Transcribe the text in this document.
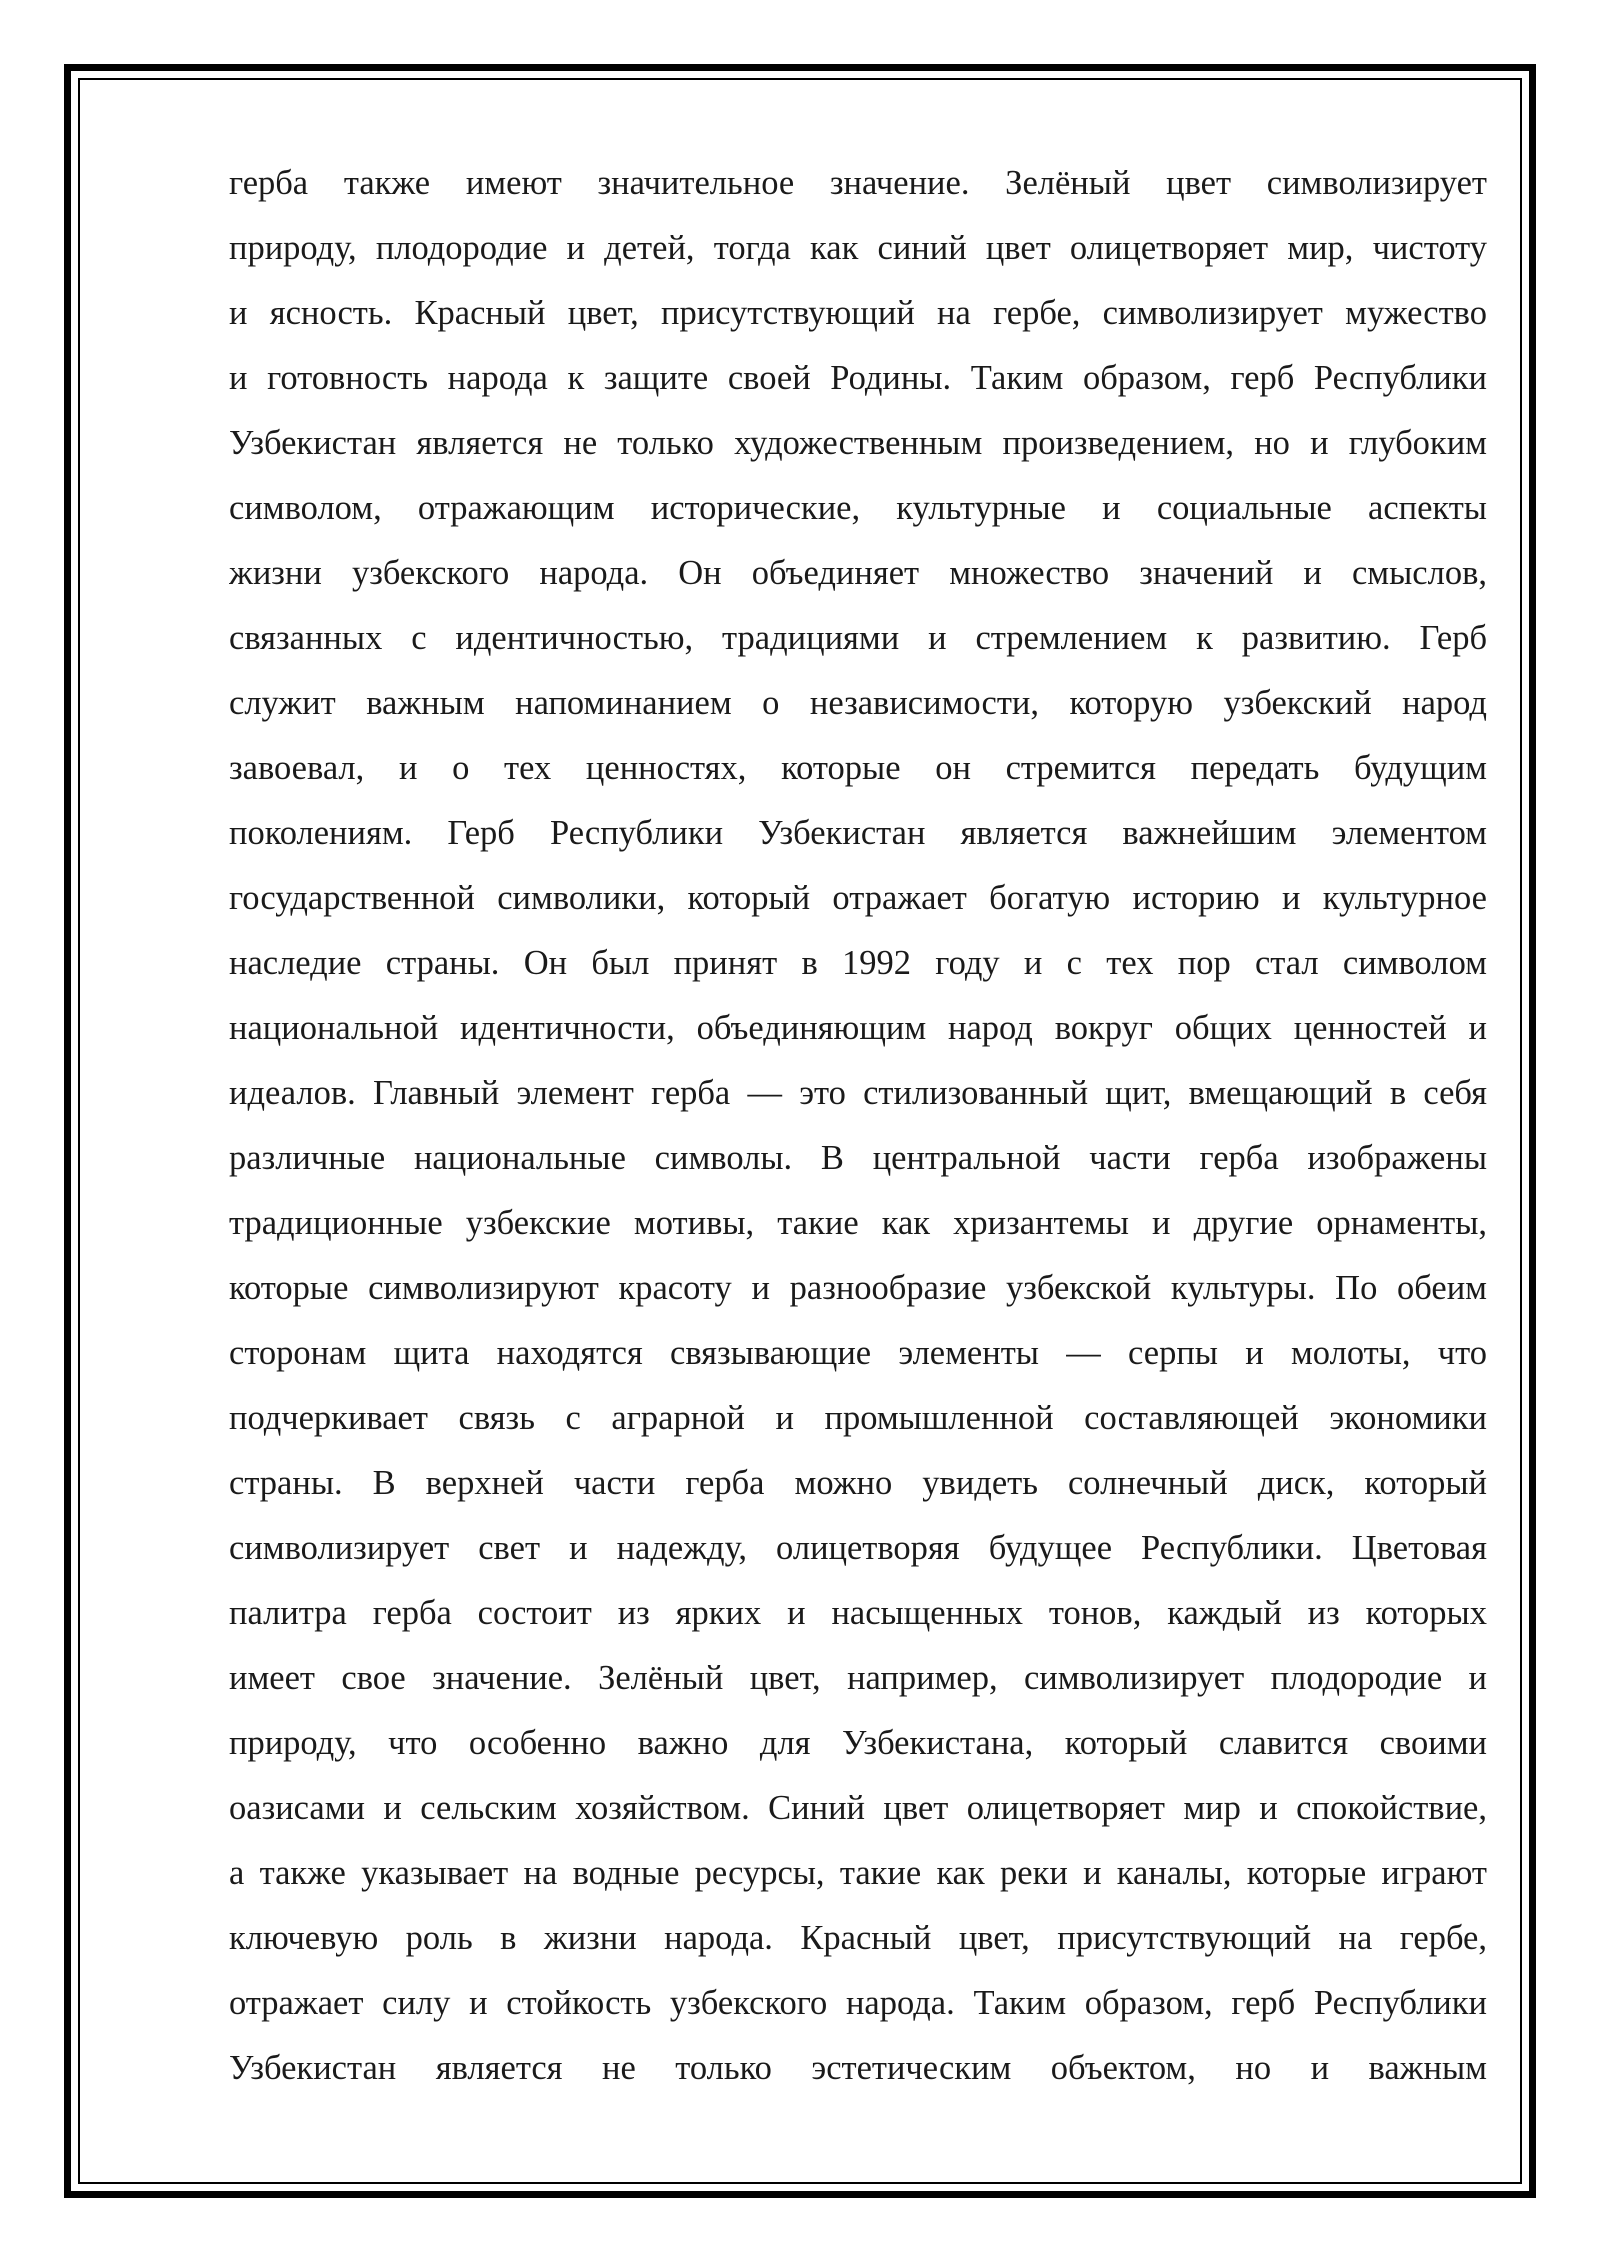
герба также имеют значительное значение. Зелёный цвет символизирует
природу, плодородие и детей, тогда как синий цвет олицетворяет мир, чистоту
и ясность. Красный цвет, присутствующий на гербе, символизирует мужество
и готовность народа к защите своей Родины. Таким образом, герб Республики
Узбекистан является не только художественным произведением, но и глубоким
символом, отражающим исторические, культурные и социальные аспекты
жизни узбекского народа. Он объединяет множество значений и смыслов,
связанных с идентичностью, традициями и стремлением к развитию. Герб
служит важным напоминанием о независимости, которую узбекский народ
завоевал, и о тех ценностях, которые он стремится передать будущим
поколениям. Герб Республики Узбекистан является важнейшим элементом
государственной символики, который отражает богатую историю и культурное
наследие страны. Он был принят в 1992 году и с тех пор стал символом
национальной идентичности, объединяющим народ вокруг общих ценностей и
идеалов. Главный элемент герба — это стилизованный щит, вмещающий в себя
различные национальные символы. В центральной части герба изображены
традиционные узбекские мотивы, такие как хризантемы и другие орнаменты,
которые символизируют красоту и разнообразие узбекской культуры. По обеим
сторонам щита находятся связывающие элементы — серпы и молоты, что
подчеркивает связь с аграрной и промышленной составляющей экономики
страны. В верхней части герба можно увидеть солнечный диск, который
символизирует свет и надежду, олицетворяя будущее Республики. Цветовая
палитра герба состоит из ярких и насыщенных тонов, каждый из которых
имеет свое значение. Зелёный цвет, например, символизирует плодородие и
природу, что особенно важно для Узбекистана, который славится своими
оазисами и сельским хозяйством. Синий цвет олицетворяет мир и спокойствие,
а также указывает на водные ресурсы, такие как реки и каналы, которые играют
ключевую роль в жизни народа. Красный цвет, присутствующий на гербе,
отражает силу и стойкость узбекского народа. Таким образом, герб Республики
Узбекистан является не только эстетическим объектом, но и важным
